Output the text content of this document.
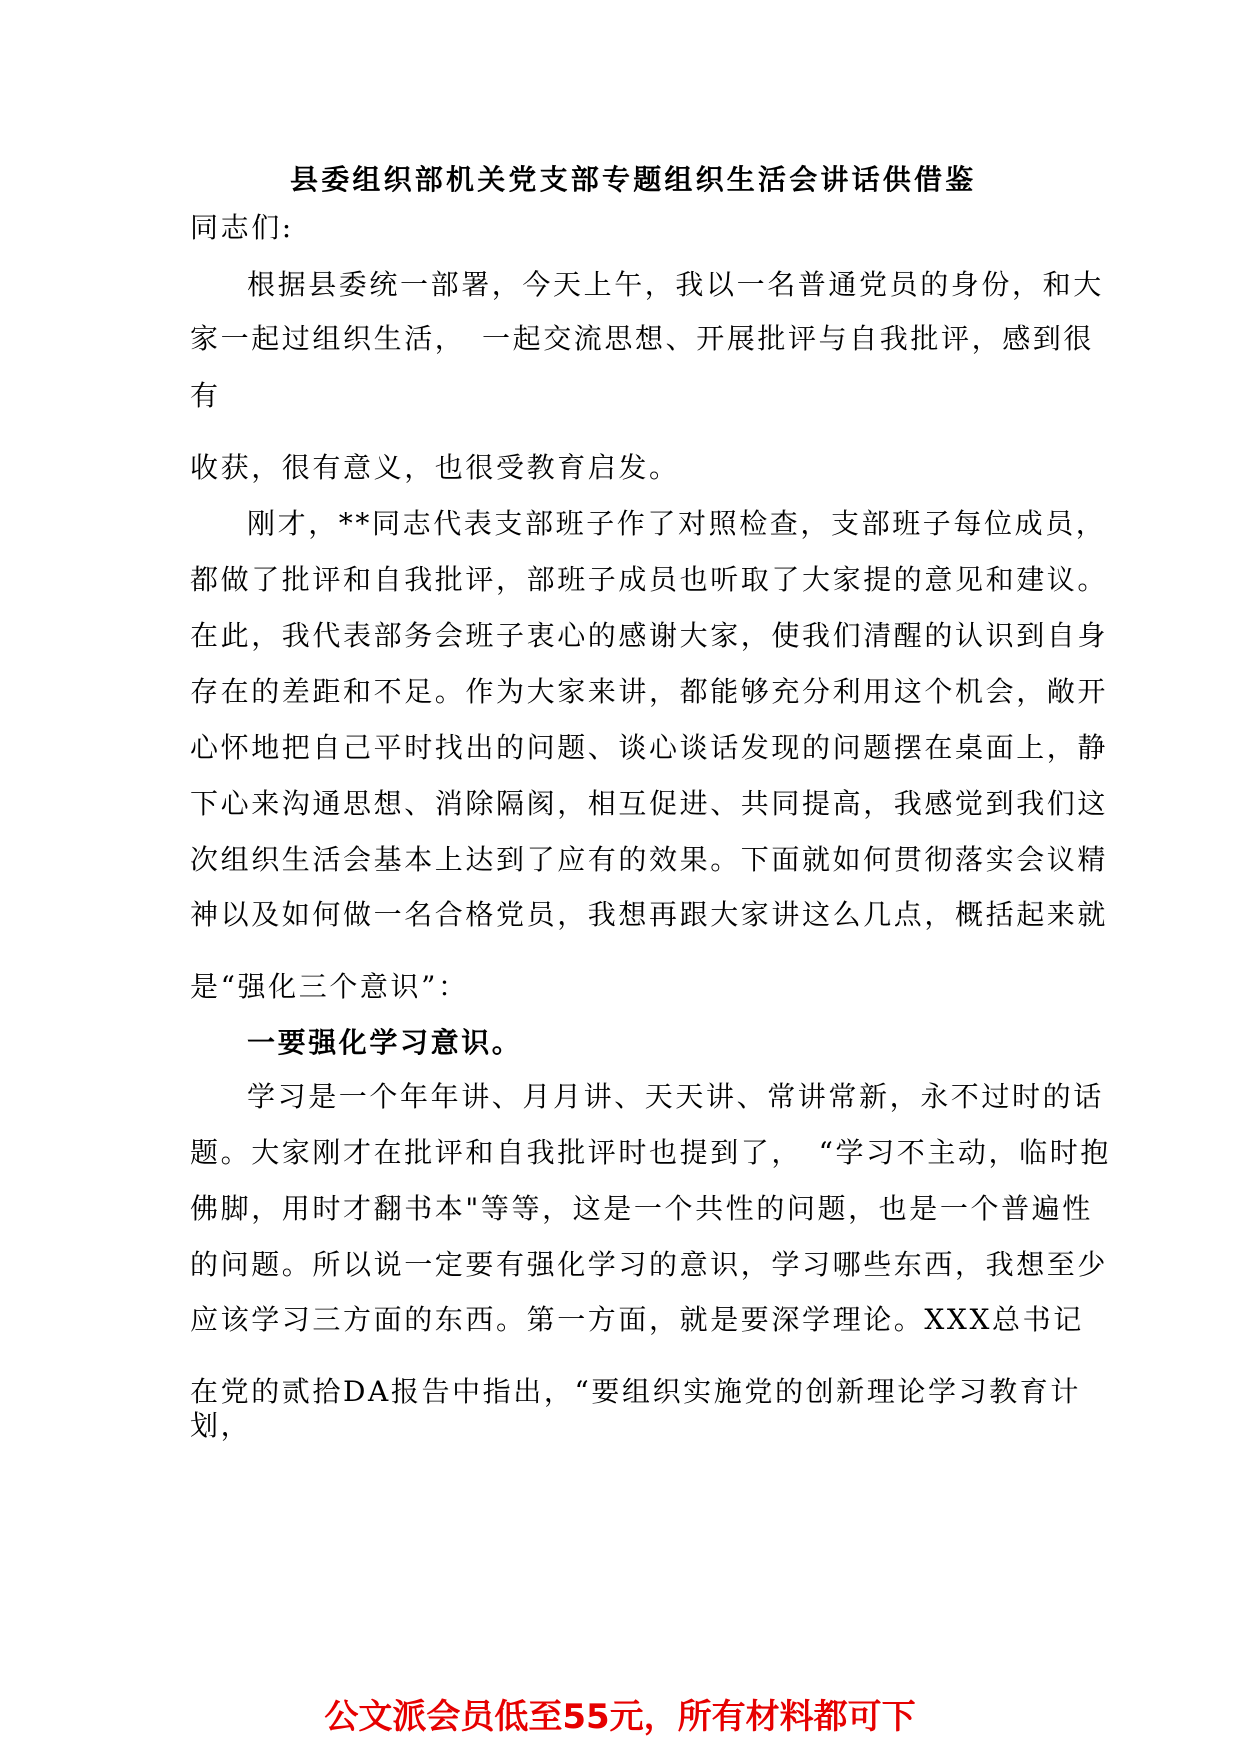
县委组织部机关党支部专题组织生活会讲话供借鉴
同志们:
根据县委统一部署，今天上午，我以一名普通党员的身份，和大
家一起过组织生活，　一起交流思想、开展批评与自我批评，感到很
有
收获，很有意义，也很受教育启发。
刚才，**同志代表支部班子作了对照检查，支部班子每位成员，
都做了批评和自我批评，部班子成员也听取了大家提的意见和建议。
在此，我代表部务会班子衷心的感谢大家，使我们清醒的认识到自身
存在的差距和不足。作为大家来讲，都能够充分利用这个机会，敞开
心怀地把自己平时找出的问题、谈心谈话发现的问题摆在桌面上，静
下心来沟通思想、消除隔阂，相互促进、共同提高，我感觉到我们这
次组织生活会基本上达到了应有的效果。下面就如何贯彻落实会议精
神以及如何做一名合格党员，我想再跟大家讲这么几点，概括起来就
是“强化三个意识”：
一要强化学习意识。
学习是一个年年讲、月月讲、天天讲、常讲常新，永不过时的话
题。大家刚才在批评和自我批评时也提到了，　“学习不主动，临时抱
佛脚，用时才翻书本"等等，这是一个共性的问题，也是一个普遍性
的问题。所以说一定要有强化学习的意识，学习哪些东西，我想至少
应该学习三方面的东西。第一方面，就是要深学理论。XXX总书记
在党的贰拾DA报告中指出，“要组织实施党的创新理论学习教育计
划，
公文派会员低至55元，所有材料都可下
